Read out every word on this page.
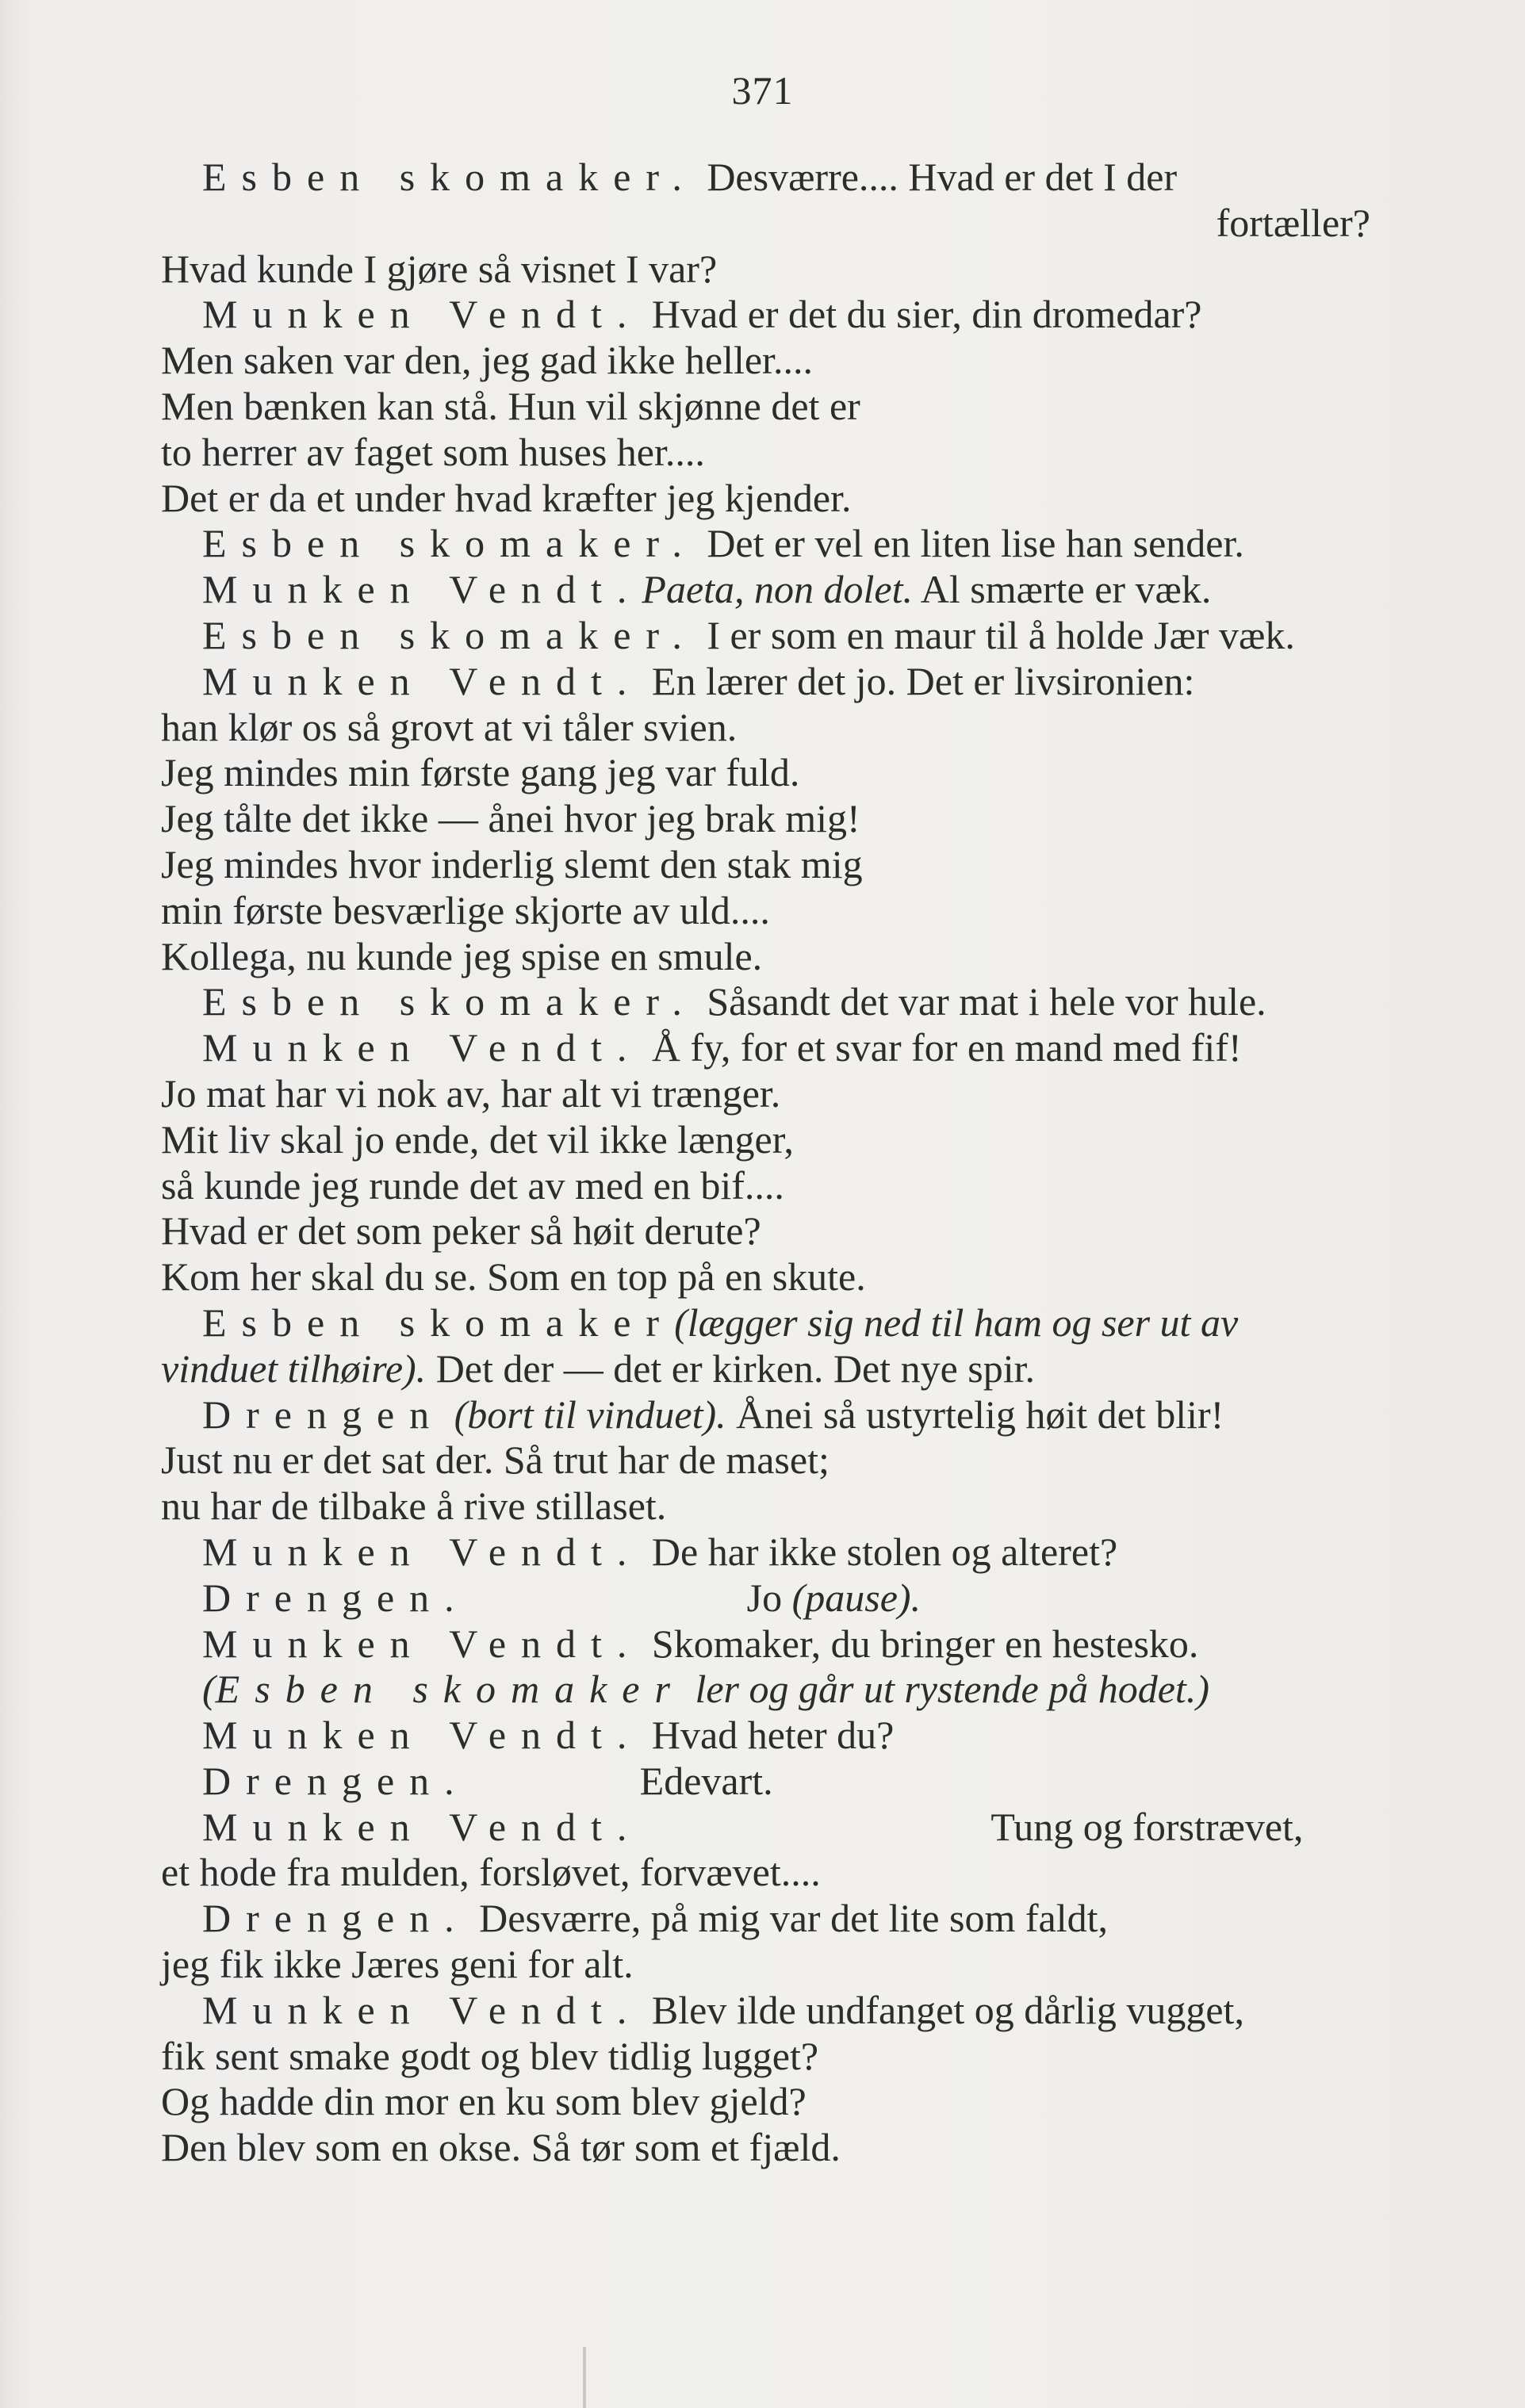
371
Esben skomaker. Desværre.... Hvad er det I der
fortæller?
Hvad kunde I gjøre så visnet I var?
Munken Vendt. Hvad er det du sier, din dromedar?
Men saken var den, jeg gad ikke heller....
Men bænken kan stå. Hun vil skjønne det er
to herrer av faget som huses her....
Det er da et under hvad kræfter jeg kjender.
Esben skomaker. Det er vel en liten lise han sender.
Munken Vendt.Paeta, non dolet. Al smærte er væk.
Esben skomaker. I er som en maur til å holde Jær væk.
Munken Vendt. En lærer det jo. Det er livsironien:
han klør os så grovt at vi tåler svien.
Jeg mindes min første gang jeg var fuld.
Jeg tålte det ikke — ånei hvor jeg brak mig!
Jeg mindes hvor inderlig slemt den stak mig
min første besværlige skjorte av uld....
Kollega, nu kunde jeg spise en smule.
Esben skomaker. Såsandt det var mat i hele vor hule.
Munken Vendt. Å fy, for et svar for en mand med fif!
Jo mat har vi nok av, har alt vi trænger.
Mit liv skal jo ende, det vil ikke længer,
så kunde jeg runde det av med en bif....
Hvad er det som peker så høit derute?
Kom her skal du se. Som en top på en skute.
Esben skomaker(lægger sig ned til ham og ser ut av
vinduet tilhøire). Det der — det er kirken. Det nye spir.
Drengen (bort til vinduet). Ånei så ustyrtelig høit det blir!
Just nu er det sat der. Så trut har de maset;
nu har de tilbake å rive stillaset.
Munken Vendt. De har ikke stolen og alteret?
Drengen.	Jo (pause).
Munken Vendt. Skomaker, du bringer en hestesko.
(Esben skomaker ler og går ut rystende på hodet.)
Munken Vendt. Hvad heter du?
Drengen.	Edevart.
Munken Vendt.	Tung og forstrævet,
et hode fra mulden, forsløvet, forvævet....
Drengen. Desværre, på mig var det lite som faldt,
jeg fik ikke Jæres geni for alt.
Munken Vendt. Blev ilde undfanget og dårlig vugget,
fik sent smake godt og blev tidlig lugget?
Og hadde din mor en ku som blev gjeld?
Den blev som en okse. Så tør som et fjæld.
